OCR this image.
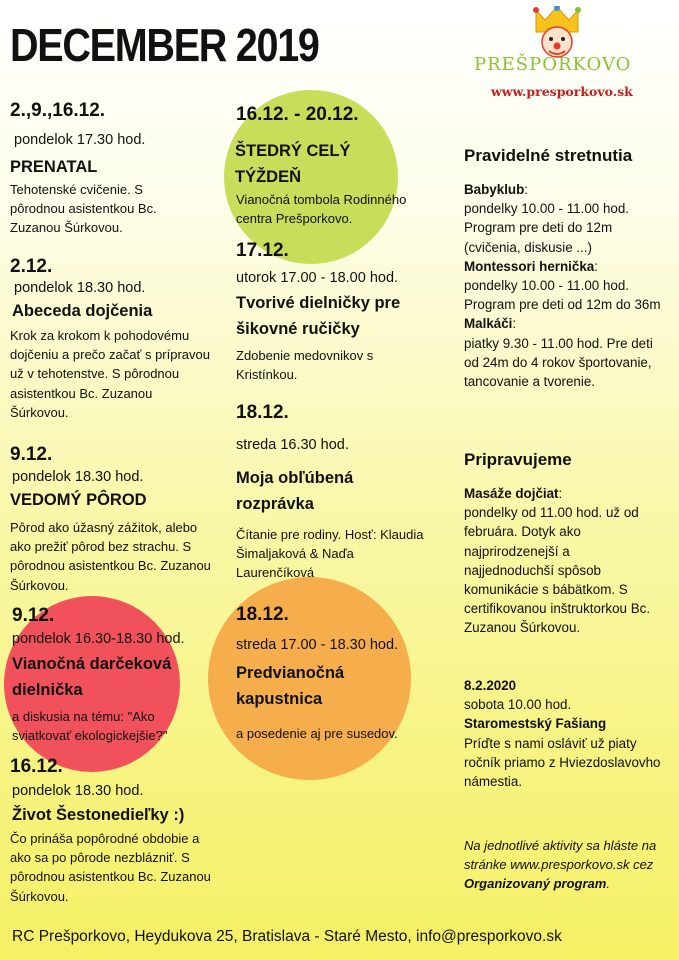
DECEMBER 2019	PREŠPORKOVO
www.presporkovo.sk
2.,9.,16.12.
pondelok 17.30 hod.
PRENATAL
Tehotenské cvičenie. S pôrodnou asistentkou Bc. Zuzanou Šúrkovou.
2.12.
pondelok 18.30 hod.
Abeceda dojčenia
Krok za krokom k pohodovému dojčeniu a prečo začať s prípravou už v tehotenstve. S pôrodnou asistentkou Bc. Zuzanou Šúrkovou.
9.12.
pondelok 18.30 hod.
VEDOMÝ PÔROD
Pôrod ako úžasný zážitok, alebo ako prežiť pôrod bez strachu. S pôrodnou asistentkou Bc. Zuzanou Šúrkovou.
9.12.
pondelok 16.30-18.30 hod.
Vianočná darčeková dielnička
a diskusia na tému: "Ako sviatkovať ekologickejšie?"
16.12.
pondelok 18.30 hod.
Život Šestonedieľky :)
Čo prináša popôrodné obdobie a ako sa po pôrode nezblázniť. S pôrodnou asistentkou Bc. Zuzanou Šúrkovou.
16.12. - 20.12.
ŠTEDRÝ CELÝ TÝŽDEŇ
Vianočná tombola Rodinného centra Prešporkovo.
17.12.
utorok 17.00 - 18.00 hod.
Tvorivé dielničky pre šikovné ručičky
Zdobenie medovnikov s Kristínkou.
18.12.
streda 16.30 hod.
Moja obľúbená rozprávka
Čítanie pre rodiny. Hosť: Klaudia Šimaljaková & Naďa Laurenčíková
18.12.
streda 17.00 - 18.30 hod.
Predvianočná kapustnica
a posedenie aj pre susedov.
Pravidelné stretnutia
Babyklub:
pondelky 10.00 - 11.00 hod. Program pre deti do 12m (cvičenia, diskusie ...)
Montessori hernička:
pondelky 10.00 - 11.00 hod. Program pre deti od 12m do 36m
Malkáči:
piatky 9.30 - 11.00 hod. Pre deti od 24m do 4 rokov športovanie, tancovanie a tvorenie.
Pripravujeme
Masáže dojčiat:
pondelky od 11.00 hod. už od februára. Dotyk ako najprirodzenejší a najjednoduchší spôsob komunikácie s bábätkom. S certifikovanou inštruktorkou Bc. Zuzanou Šúrkovou.
8.2.2020
sobota 10.00 hod.
Staromestský Fašiang
Príďte s nami osláviť už piaty ročník priamo z Hviezdoslavovho námestia.
Na jednotlivé aktivity sa hláste na stránke www.presporkovo.sk cez Organizovaný program.
RC Prešporkovo, Heydukova 25, Bratislava - Staré Mesto, info@presporkovo.sk
